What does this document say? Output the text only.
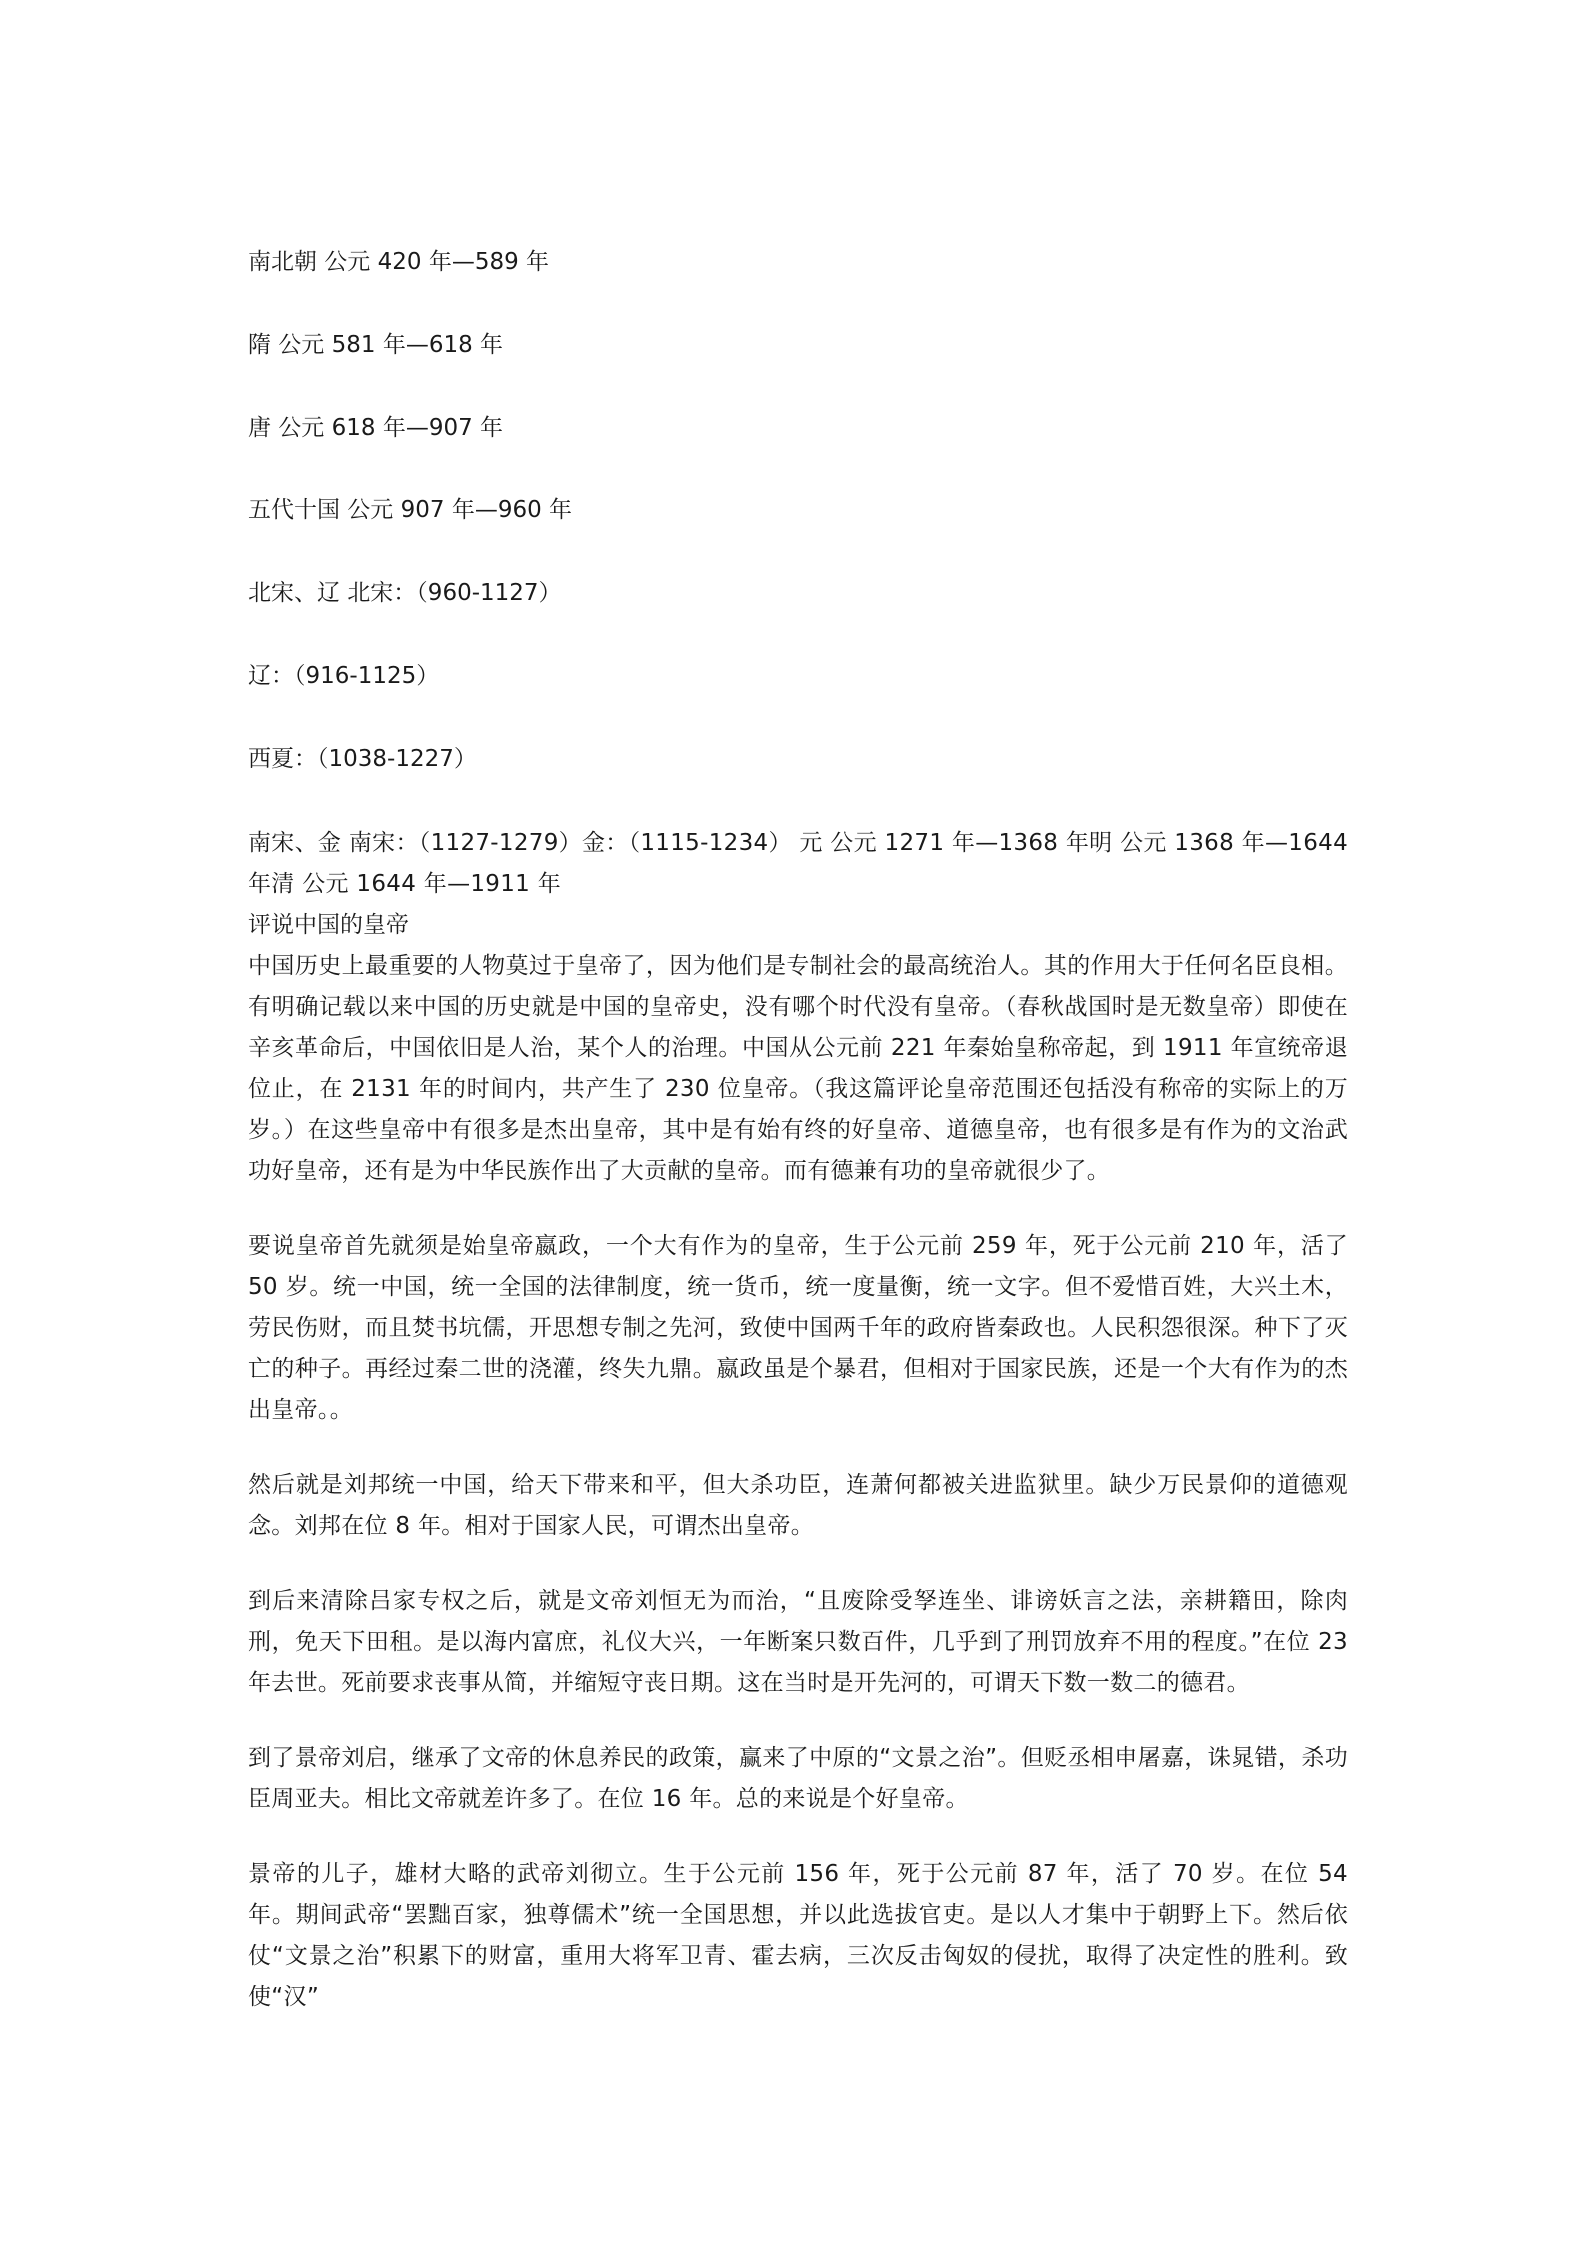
南北朝 公元 420 年—589 年

隋 公元 581 年—618 年

唐 公元 618 年—907 年

五代十国 公元 907 年—960 年

北宋、辽 北宋：（960-1127）

辽：（916-1125）

西夏：（1038-1227）

南宋、金 南宋：（1127-1279）金：（1115-1234） 元 公元 1271 年—1368 年明 公元 1368 年—1644 年清 公元 1644 年—1911 年

评说中国的皇帝

中国历史上最重要的人物莫过于皇帝了，因为他们是专制社会的最高统治人。其的作用大于任何名臣良相。有明确记载以来中国的历史就是中国的皇帝史，没有哪个时代没有皇帝。（春秋战国时是无数皇帝）即使在辛亥革命后，中国依旧是人治，某个人的治理。中国从公元前 221 年秦始皇称帝起，到 1911 年宣统帝退位止，在 2131 年的时间内，共产生了 230 位皇帝。（我这篇评论皇帝范围还包括没有称帝的实际上的万岁。）在这些皇帝中有很多是杰出皇帝，其中是有始有终的好皇帝、道德皇帝，也有很多是有作为的文治武功好皇帝，还有是为中华民族作出了大贡献的皇帝。而有德兼有功的皇帝就很少了。

要说皇帝首先就须是始皇帝嬴政，一个大有作为的皇帝，生于公元前 259 年，死于公元前 210 年，活了 50 岁。统一中国，统一全国的法律制度，统一货币，统一度量衡，统一文字。但不爱惜百姓，大兴土木，劳民伤财，而且焚书坑儒，开思想专制之先河，致使中国两千年的政府皆秦政也。人民积怨很深。种下了灭亡的种子。再经过秦二世的浇灌，终失九鼎。嬴政虽是个暴君，但相对于国家民族，还是一个大有作为的杰出皇帝。。

然后就是刘邦统一中国，给天下带来和平，但大杀功臣，连萧何都被关进监狱里。缺少万民景仰的道德观念。刘邦在位 8 年。相对于国家人民，可谓杰出皇帝。

到后来清除吕家专权之后，就是文帝刘恒无为而治，“且废除受孥连坐、诽谤妖言之法，亲耕籍田，除肉刑，免天下田租。是以海内富庶，礼仪大兴，一年断案只数百件，几乎到了刑罚放弃不用的程度。”在位 23 年去世。死前要求丧事从简，并缩短守丧日期。这在当时是开先河的，可谓天下数一数二的德君。

到了景帝刘启，继承了文帝的休息养民的政策，赢来了中原的“文景之治”。但贬丞相申屠嘉，诛晁错，杀功臣周亚夫。相比文帝就差许多了。在位 16 年。总的来说是个好皇帝。

景帝的儿子，雄材大略的武帝刘彻立。生于公元前 156 年，死于公元前 87 年，活了 70 岁。在位 54 年。期间武帝“罢黜百家，独尊儒术”统一全国思想，并以此选拔官吏。是以人才集中于朝野上下。然后依仗“文景之治”积累下的财富，重用大将军卫青、霍去病，三次反击匈奴的侵扰，取得了决定性的胜利。致使“汉”
